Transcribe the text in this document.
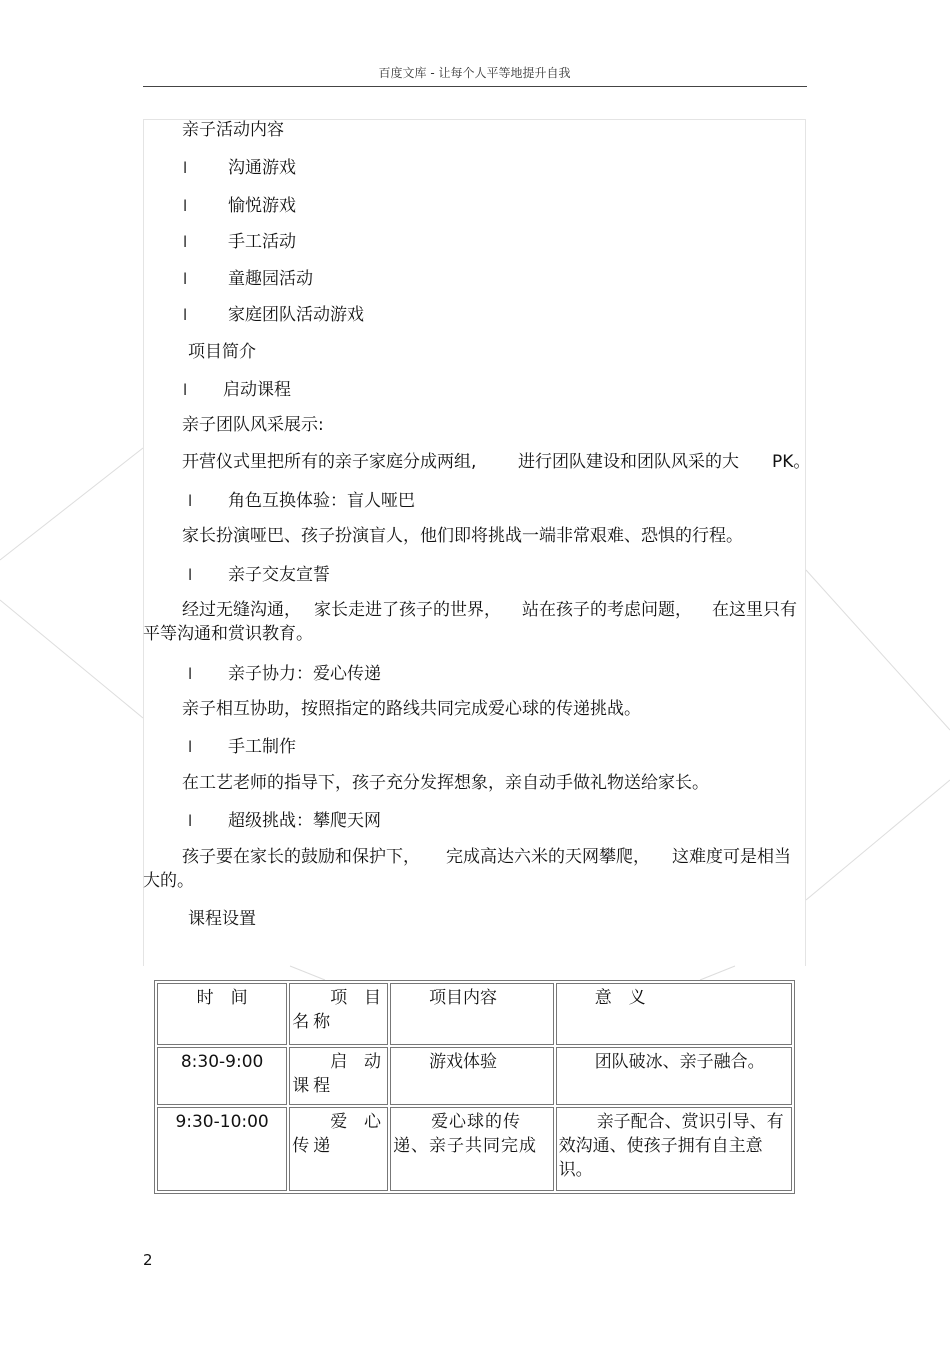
百度文库 - 让每个人平等地提升自我
亲子活动内容
l 沟通游戏
l 愉悦游戏
l 手工活动
l 童趣园活动
l 家庭团队活动游戏
项目简介
l 启动课程
亲子团队风采展示:
开营仪式里把所有的亲子家庭分成两组, 进行团队建设和团队风采的大 PK。
l 角色互换体验：盲人哑巴
家长扮演哑巴、孩子扮演盲人，他们即将挑战一端非常艰难、恐惧的行程。
l 亲子交友宣誓
经过无缝沟通， 家长走进了孩子的世界， 站在孩子的考虑问题， 在这里只有
平等沟通和赏识教育。
l 亲子协力：爱心传递
亲子相互协助，按照指定的路线共同完成爱心球的传递挑战。
l 手工制作
在工艺老师的指导下，孩子充分发挥想象，亲自动手做礼物送给家长。
l 超级挑战：攀爬天网
孩子要在家长的鼓励和保护下， 完成高达六米的天网攀爬， 这难度可是相当
大的。
课程设置
时　间	项目名称	项目内容	意　义
8:30-9:00	启动课程	游戏体验	团队破冰、亲子融合。
9:30-10:00	爱心传递	爱心球的传递、亲子共同完成	亲子配合、赏识引导、有效沟通、使孩子拥有自主意识。
2
